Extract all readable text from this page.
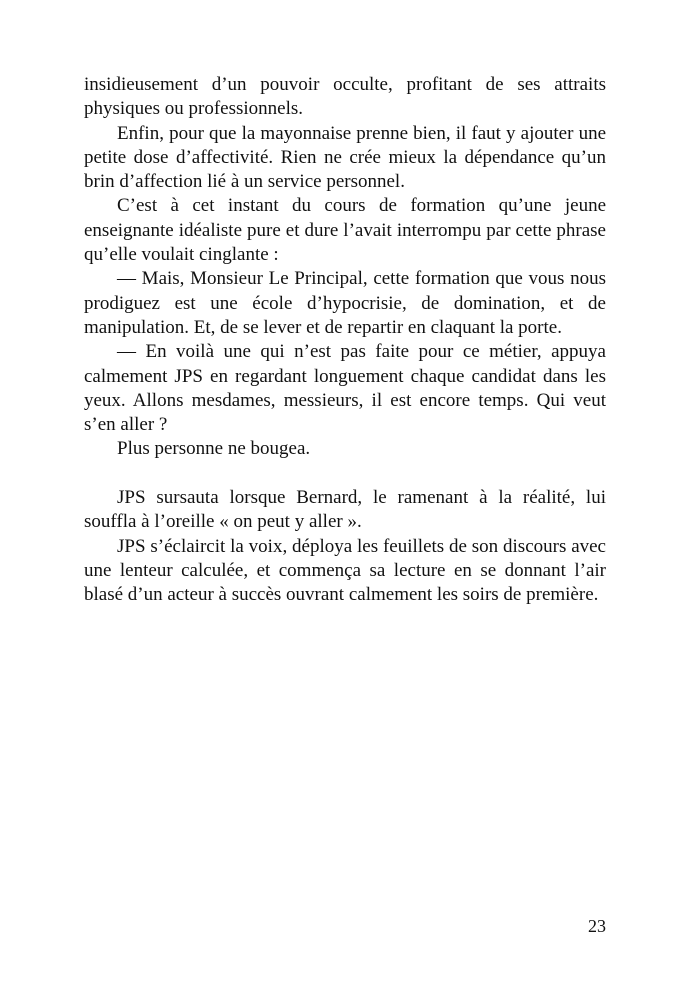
insidieusement d’un pouvoir occulte, profitant de ses attraits physiques ou professionnels.

Enfin, pour que la mayonnaise prenne bien, il faut y ajouter une petite dose d’affectivité. Rien ne crée mieux la dépendance qu’un brin d’affection lié à un service personnel.

C’est à cet instant du cours de formation qu’une jeune enseignante idéaliste pure et dure l’avait interrompu par cette phrase qu’elle voulait cinglante :

— Mais, Monsieur Le Principal, cette formation que vous nous prodiguez est une école d’hypocrisie, de domination, et de manipulation. Et, de se lever et de repartir en claquant la porte.

— En voilà une qui n’est pas faite pour ce métier, appuya calmement JPS en regardant longuement chaque candidat dans les yeux. Allons mesdames, messieurs, il est encore temps. Qui veut s’en aller ?

Plus personne ne bougea.

JPS sursauta lorsque Bernard, le ramenant à la réalité, lui souffla à l’oreille « on peut y aller ».

JPS s’éclaircit la voix, déploya les feuillets de son discours avec une lenteur calculée, et commença sa lecture en se donnant l’air blasé d’un acteur à succès ouvrant calmement les soirs de première.

23
